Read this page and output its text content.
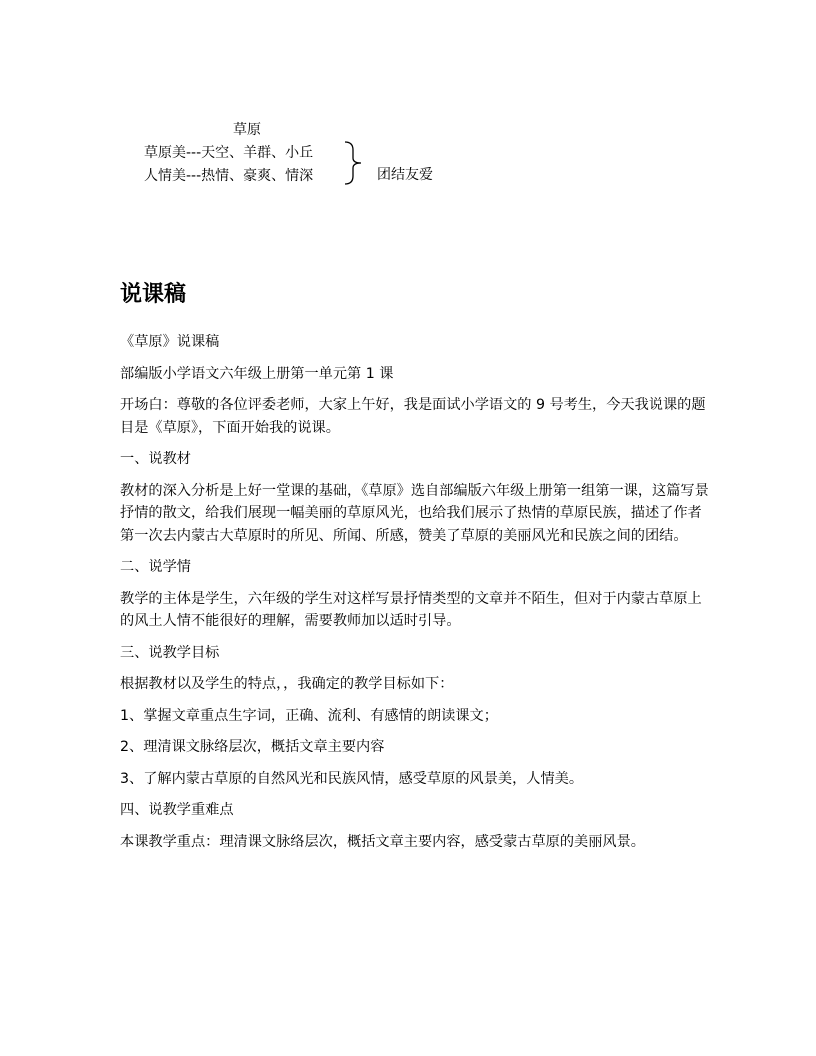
草原
草原美---天空、羊群、小丘
人情美---热情、豪爽、情深	团结友爱
说课稿

《草原》说课稿

部编版小学语文六年级上册第一单元第 1 课

开场白：尊敬的各位评委老师，大家上午好，我是面试小学语文的 9 号考生，今天我说课的题目是《草原》，下面开始我的说课。

一、说教材

教材的深入分析是上好一堂课的基础，《草原》选自部编版六年级上册第一组第一课，这篇写景抒情的散文，给我们展现一幅美丽的草原风光，也给我们展示了热情的草原民族，描述了作者第一次去内蒙古大草原时的所见、所闻、所感，赞美了草原的美丽风光和民族之间的团结。

二、说学情

教学的主体是学生，六年级的学生对这样写景抒情类型的文章并不陌生，但对于内蒙古草原上的风土人情不能很好的理解，需要教师加以适时引导。

三、说教学目标

根据教材以及学生的特点，，我确定的教学目标如下：

1、掌握文章重点生字词，正确、流利、有感情的朗读课文；

2、理清课文脉络层次，概括文章主要内容

3、了解内蒙古草原的自然风光和民族风情，感受草原的风景美，人情美。

四、说教学重难点

本课教学重点：理清课文脉络层次，概括文章主要内容，感受蒙古草原的美丽风景。
